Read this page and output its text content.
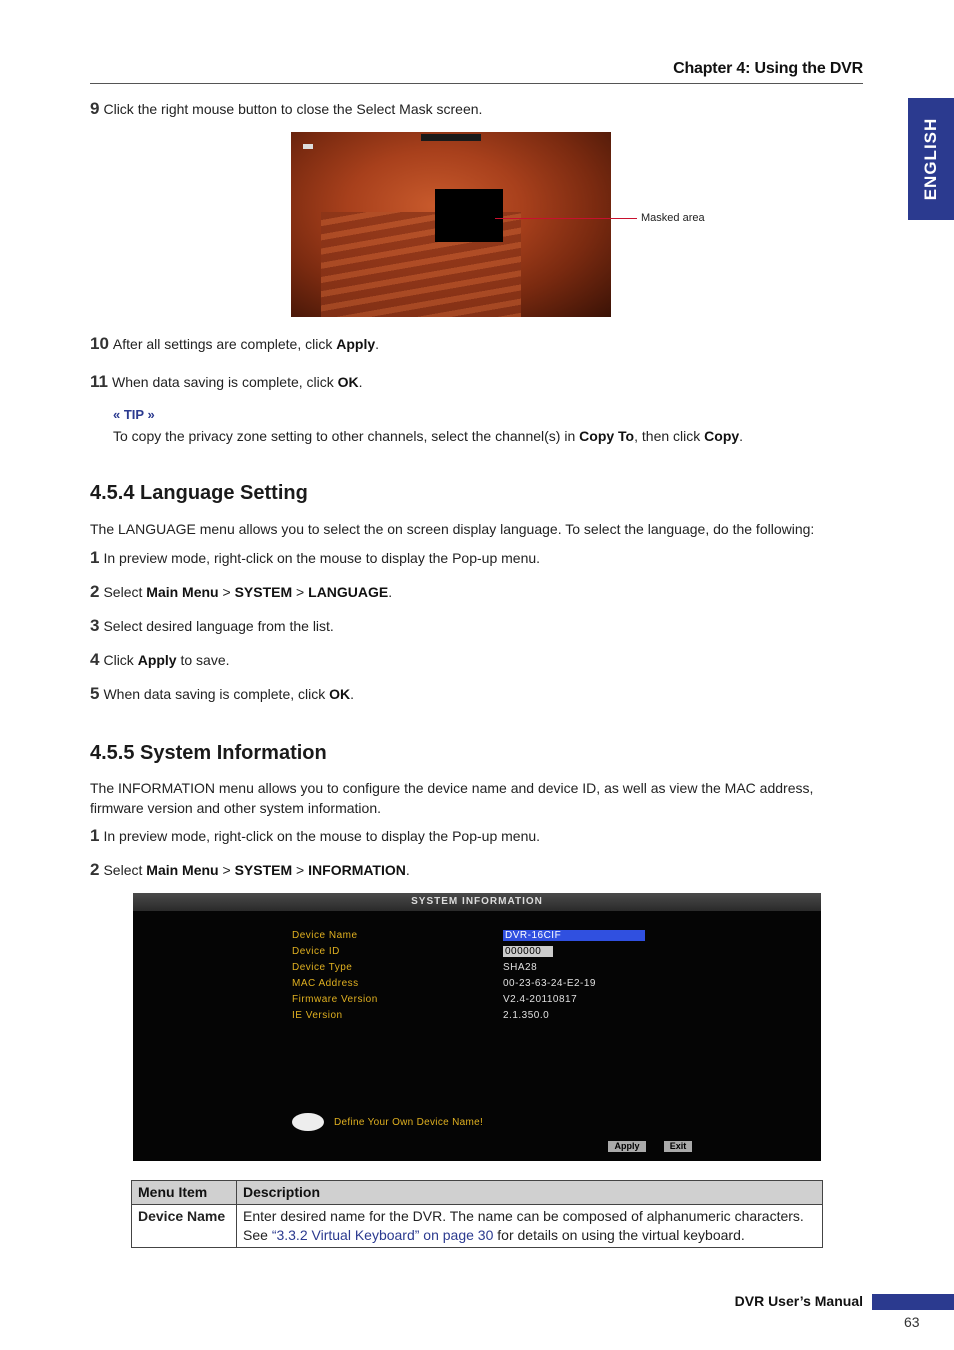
Chapter 4: Using the DVR
ENGLISH
9 Click the right mouse button to close the Select Mask screen.
Masked area
10 After all settings are complete, click Apply.
11 When data saving is complete, click OK.
« TIP »
To copy the privacy zone setting to other channels, select the channel(s) in Copy To, then click Copy.
4.5.4 Language Setting
The LANGUAGE menu allows you to select the on screen display language. To select the language, do the following:
1 In preview mode, right-click on the mouse to display the Pop-up menu.
2 Select Main Menu > SYSTEM > LANGUAGE.
3 Select desired language from the list.
4 Click Apply to save.
5 When data saving is complete, click OK.
4.5.5 System Information
The INFORMATION menu allows you to configure the device name and device ID, as well as view the MAC address, firmware version and other system information.
1 In preview mode, right-click on the mouse to display the Pop-up menu.
2 Select Main Menu > SYSTEM > INFORMATION.
SYSTEM INFORMATION
Device Name	DVR-16CIF
Device ID	000000
Device Type	SHA28
MAC Address	00-23-63-24-E2-19
Firmware Version	V2.4-20110817
IE Version	2.1.350.0
Define Your Own Device Name!
Apply	Exit
Menu Item	Description
Device Name	Enter desired name for the DVR. The name can be composed of alphanumeric characters. See “3.3.2 Virtual Keyboard” on page 30 for details on using the virtual keyboard.
DVR User’s Manual
63
